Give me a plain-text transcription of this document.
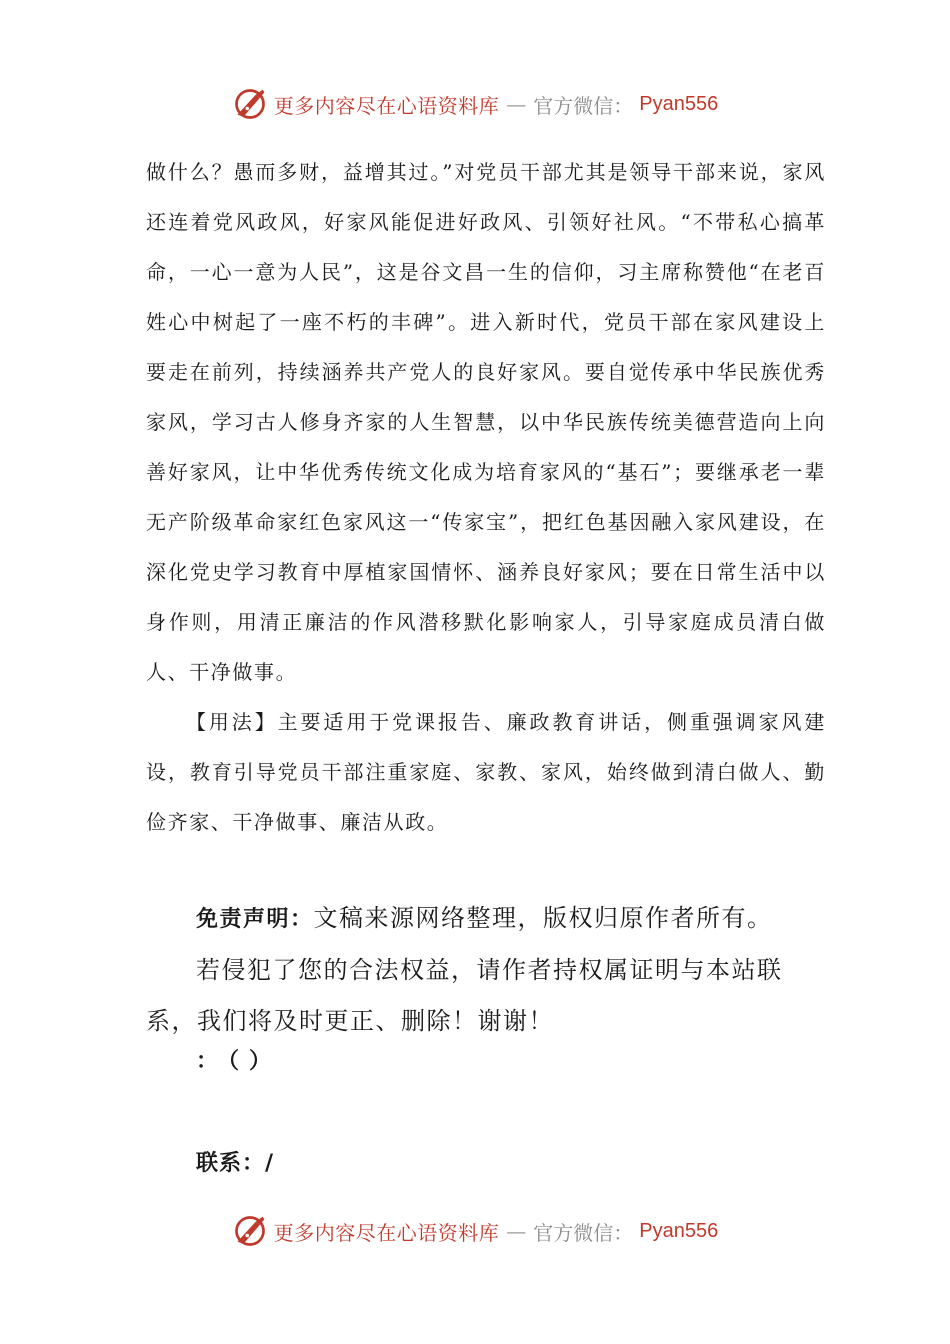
更多内容尽在心语资料库 — 官方微信： Pyan556

做什么？愚而多财，益增其过。”对党员干部尤其是领导干部来说，家风还连着党风政风，好家风能促进好政风、引领好社风。“不带私心搞革命，一心一意为人民”，这是谷文昌一生的信仰，习主席称赞他“在老百姓心中树起了一座不朽的丰碑”。进入新时代，党员干部在家风建设上要走在前列，持续涵养共产党人的良好家风。要自觉传承中华民族优秀家风，学习古人修身齐家的人生智慧，以中华民族传统美德营造向上向善好家风，让中华优秀传统文化成为培育家风的“基石”；要继承老一辈无产阶级革命家红色家风这一“传家宝”，把红色基因融入家风建设，在深化党史学习教育中厚植家国情怀、涵养良好家风；要在日常生活中以身作则，用清正廉洁的作风潜移默化影响家人，引导家庭成员清白做人、干净做事。

【用法】主要适用于党课报告、廉政教育讲话，侧重强调家风建设，教育引导党员干部注重家庭、家教、家风，始终做到清白做人、勤俭齐家、干净做事、廉洁从政。

免责声明：文稿来源网络整理，版权归原作者所有。

若侵犯了您的合法权益，请作者持权属证明与本站联系，我们将及时更正、删除！谢谢！

：（）
联系：/
更多内容尽在心语资料库 — 官方微信： Pyan556
